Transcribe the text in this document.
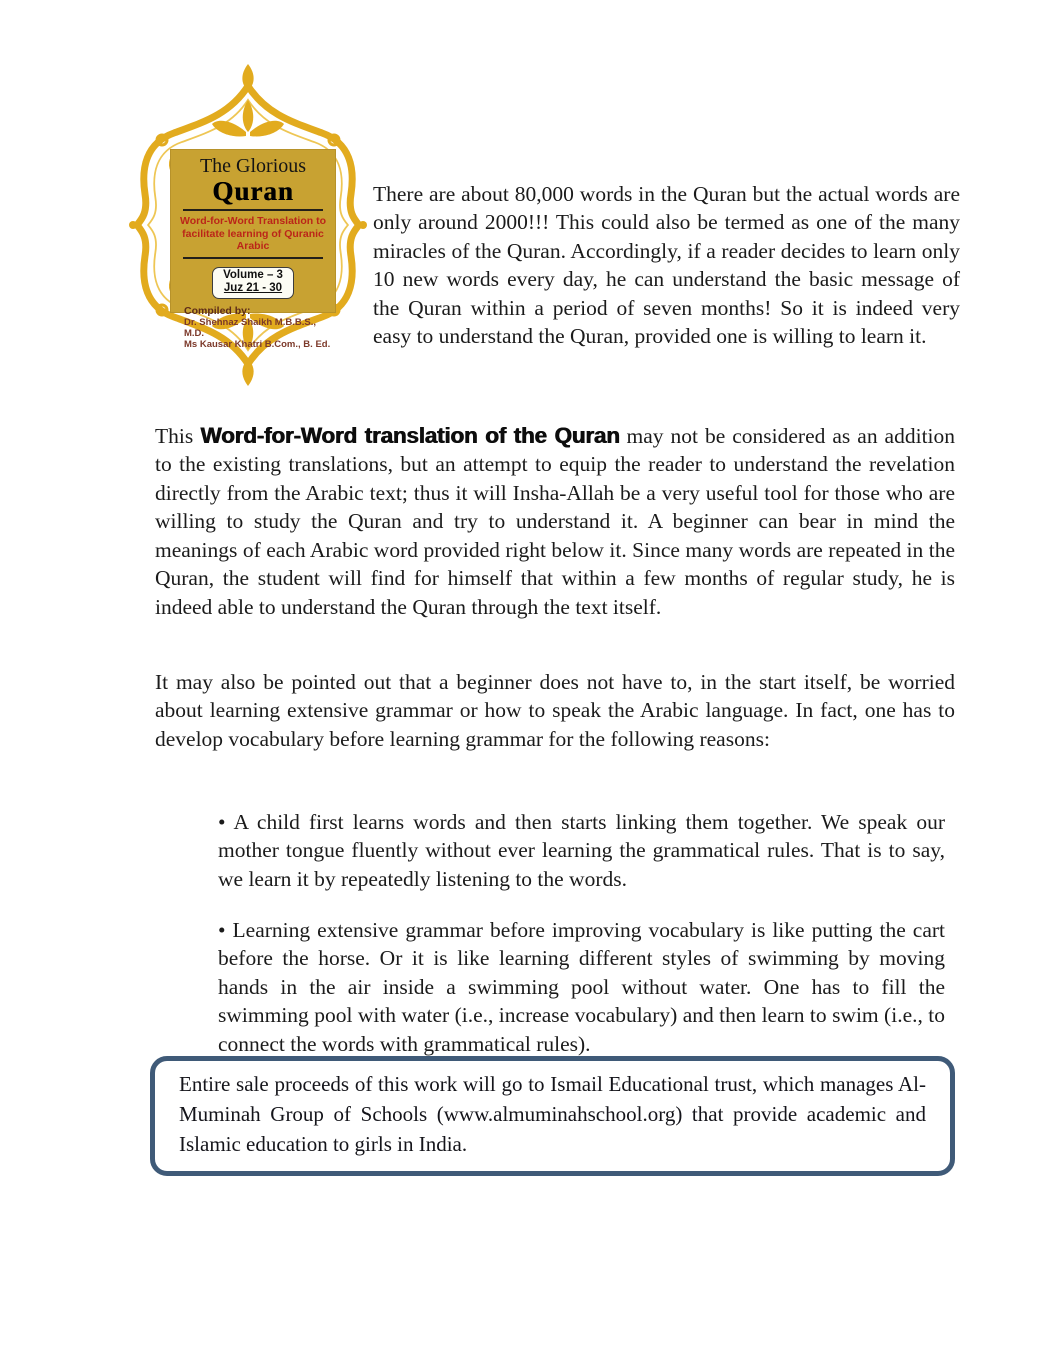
The Glorious
Quran
Word-for-Word Translation to
facilitate learning of Quranic Arabic
Volume – 3
Juz 21 - 30
Compiled by:
Dr. Shehnaz Shaikh M.B.B.S., M.D.
Ms Kausar Khatri B.Com., B. Ed.

There are about 80,000 words in the Quran but the actual words are only around 2000!!! This could also be termed as one of the many miracles of the Quran. Accordingly, if a reader decides to learn only 10 new words every day, he can understand the basic message of the Quran within a period of seven months! So it is indeed very easy to understand the Quran, provided one is willing to learn it.

This Word-for-Word translation of the Quran may not be considered as an addition to the existing translations, but an attempt to equip the reader to understand the revelation directly from the Arabic text; thus it will Insha-Allah be a very useful tool for those who are willing to study the Quran and try to understand it. A beginner can bear in mind the meanings of each Arabic word provided right below it. Since many words are repeated in the Quran, the student will find for himself that within a few months of regular study, he is indeed able to understand the Quran through the text itself.

It may also be pointed out that a beginner does not have to, in the start itself, be worried about learning extensive grammar or how to speak the Arabic language. In fact, one has to develop vocabulary before learning grammar for the following reasons:

• A child first learns words and then starts linking them together. We speak our mother tongue fluently without ever learning the grammatical rules. That is to say, we learn it by repeatedly listening to the words.

• Learning extensive grammar before improving vocabulary is like putting the cart before the horse. Or it is like learning different styles of swimming by moving hands in the air inside a swimming pool without water. One has to fill the swimming pool with water (i.e., increase vocabulary) and then learn to swim (i.e., to connect the words with grammatical rules).

Entire sale proceeds of this work will go to Ismail Educational trust, which manages Al-Muminah Group of Schools (www.almuminahschool.org) that provide academic and Islamic education to girls in India.
